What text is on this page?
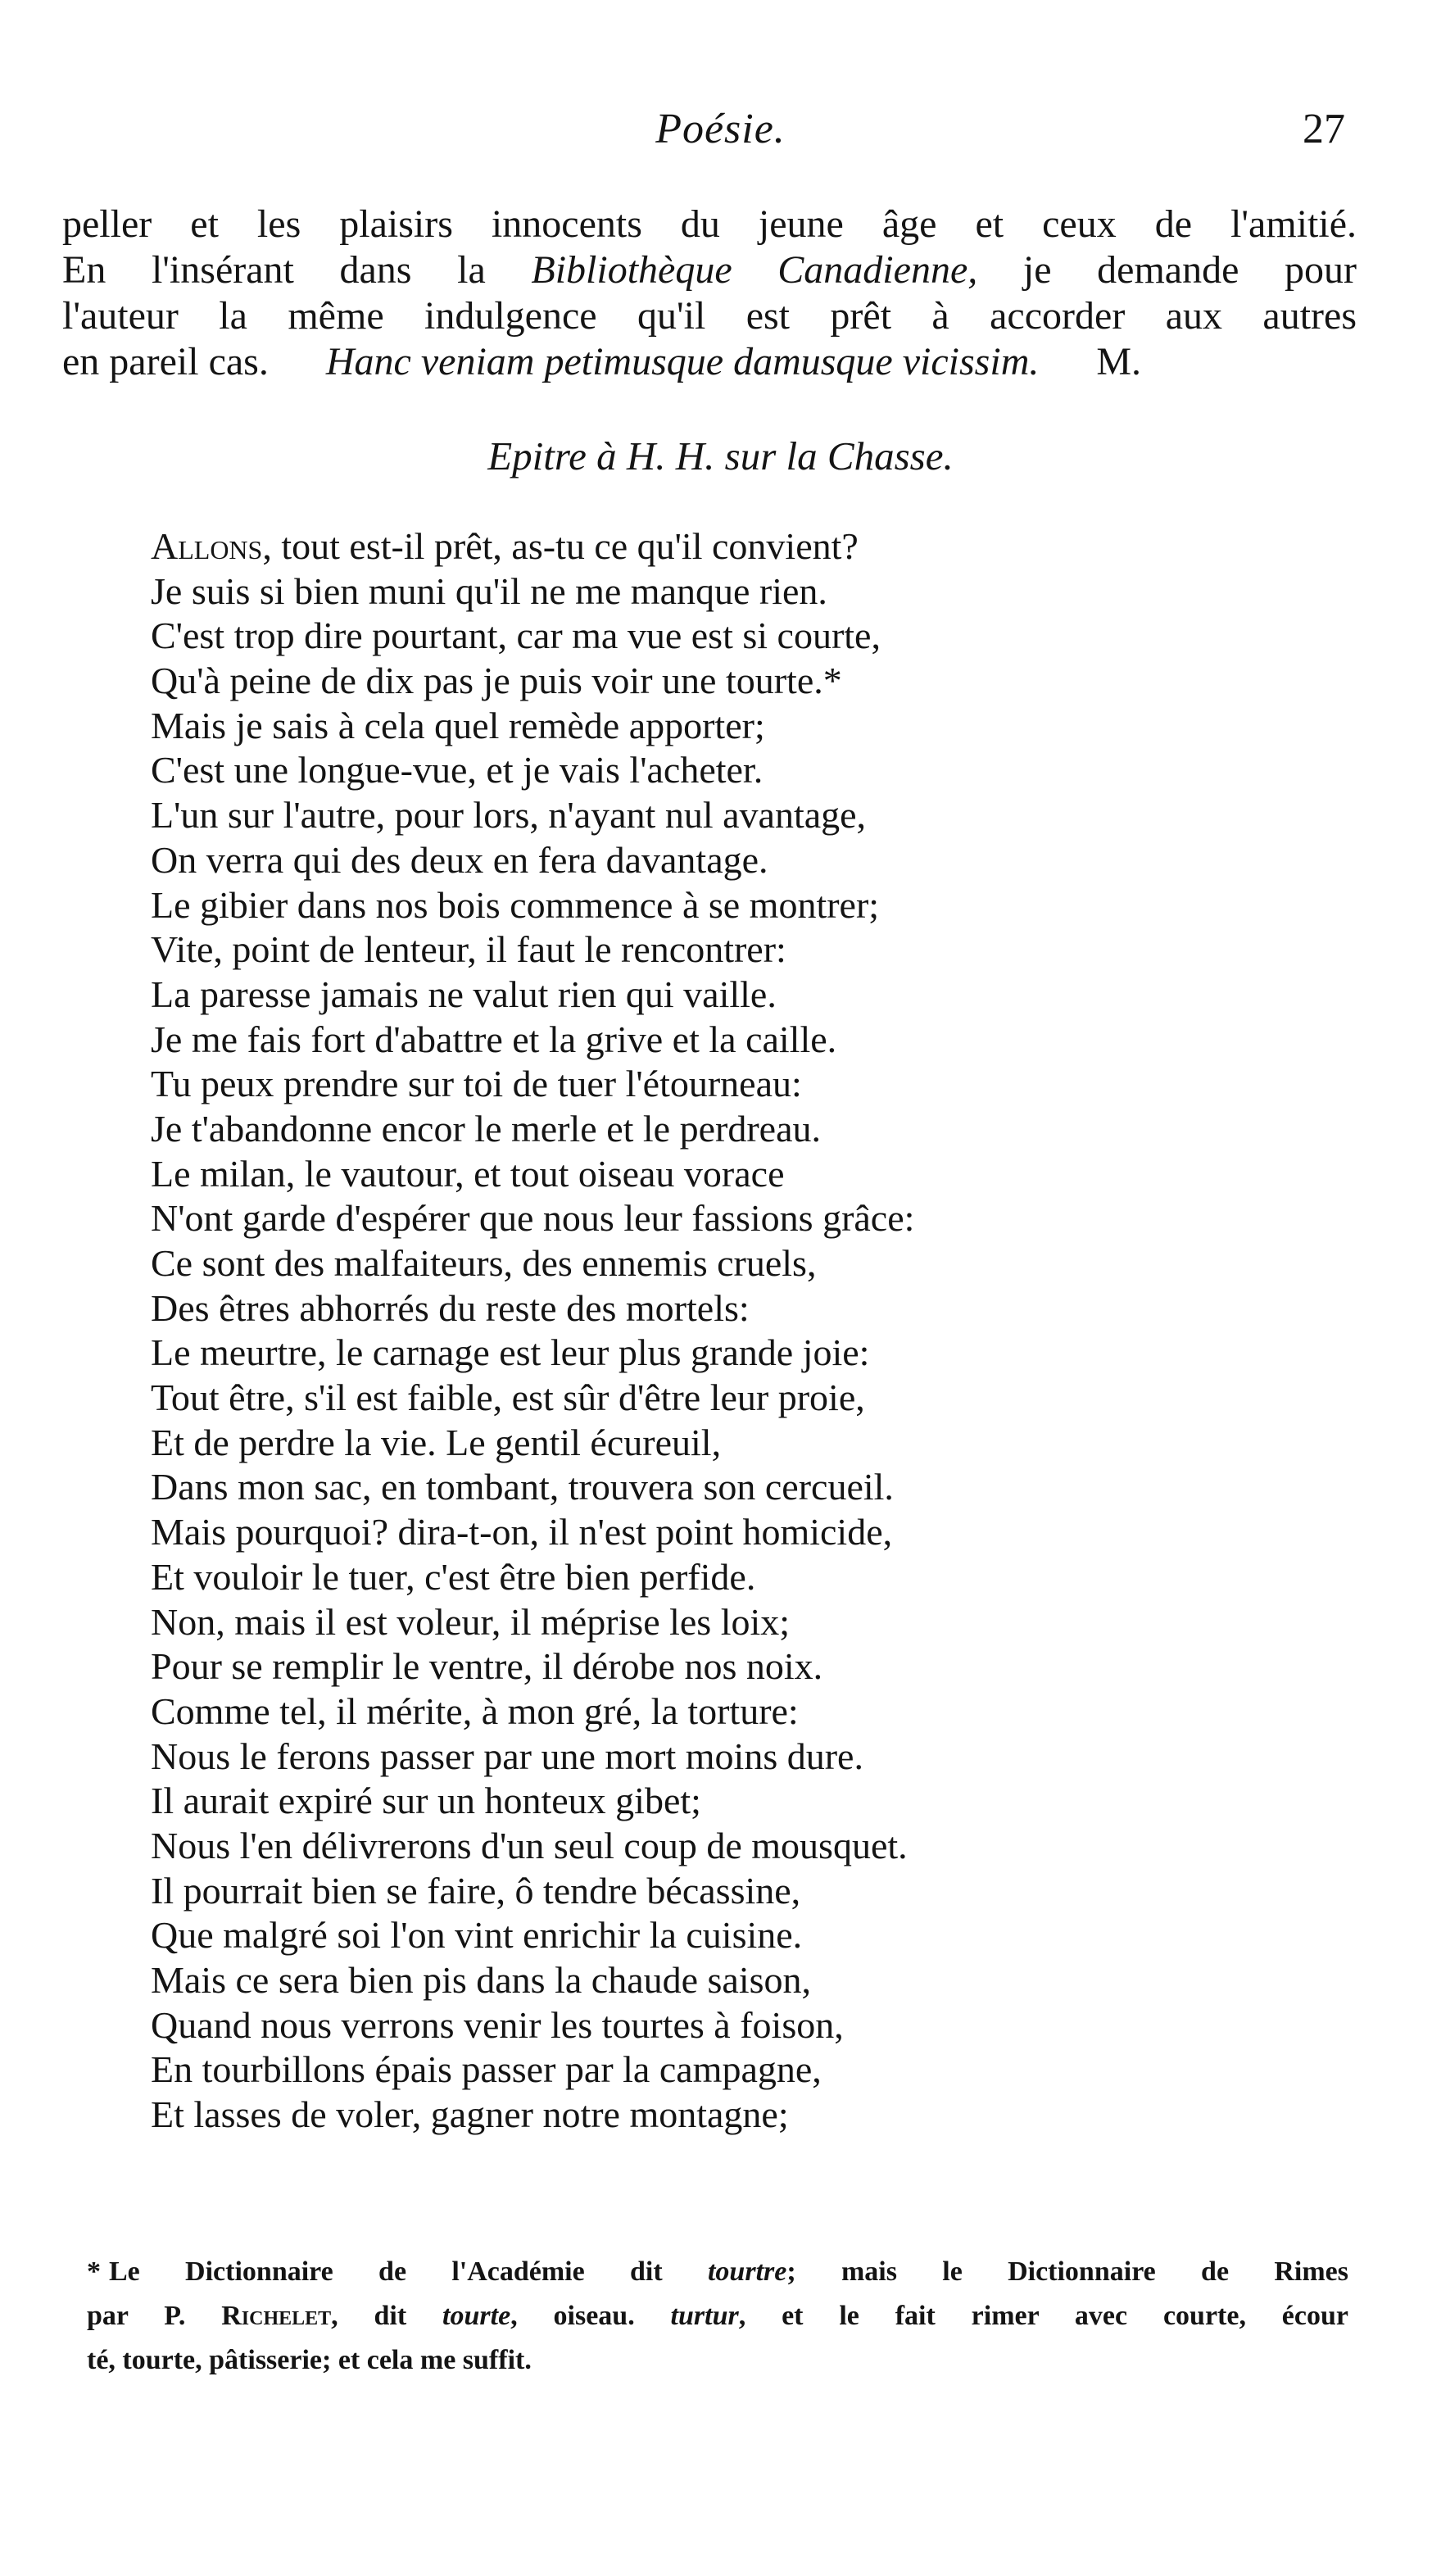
Poésie.	27
peller et les plaisirs innocents du jeune âge et ceux de l'amitié.
En l'insérant dans la Bibliothèque Canadienne, je demande pour
l'auteur la même indulgence qu'il est prêt à accorder aux autres
en pareil cas. Hanc veniam petimusque damusque vicissim. M.
Epitre à H. H. sur la Chasse.
Allons, tout est-il prêt, as-tu ce qu'il convient?
Je suis si bien muni qu'il ne me manque rien.
C'est trop dire pourtant, car ma vue est si courte,
Qu'à peine de dix pas je puis voir une tourte.*
Mais je sais à cela quel remède apporter;
C'est une longue-vue, et je vais l'acheter.
L'un sur l'autre, pour lors, n'ayant nul avantage,
On verra qui des deux en fera davantage.
Le gibier dans nos bois commence à se montrer;
Vite, point de lenteur, il faut le rencontrer:
La paresse jamais ne valut rien qui vaille.
Je me fais fort d'abattre et la grive et la caille.
Tu peux prendre sur toi de tuer l'étourneau:
Je t'abandonne encor le merle et le perdreau.
Le milan, le vautour, et tout oiseau vorace
N'ont garde d'espérer que nous leur fassions grâce:
Ce sont des malfaiteurs, des ennemis cruels,
Des êtres abhorrés du reste des mortels:
Le meurtre, le carnage est leur plus grande joie:
Tout être, s'il est faible, est sûr d'être leur proie,
Et de perdre la vie. Le gentil écureuil,
Dans mon sac, en tombant, trouvera son cercueil.
Mais pourquoi? dira-t-on, il n'est point homicide,
Et vouloir le tuer, c'est être bien perfide.
Non, mais il est voleur, il méprise les loix;
Pour se remplir le ventre, il dérobe nos noix.
Comme tel, il mérite, à mon gré, la torture:
Nous le ferons passer par une mort moins dure.
Il aurait expiré sur un honteux gibet;
Nous l'en délivrerons d'un seul coup de mousquet.
Il pourrait bien se faire, ô tendre bécassine,
Que malgré soi l'on vint enrichir la cuisine.
Mais ce sera bien pis dans la chaude saison,
Quand nous verrons venir les tourtes à foison,
En tourbillons épais passer par la campagne,
Et lasses de voler, gagner notre montagne;
* Le Dictionnaire de l'Académie dit tourtre; mais le Dictionnaire de Rimes
par P. Richelet, dit tourte, oiseau. turtur, et le fait rimer avec courte, écour
té, tourte, pâtisserie; et cela me suffit.
